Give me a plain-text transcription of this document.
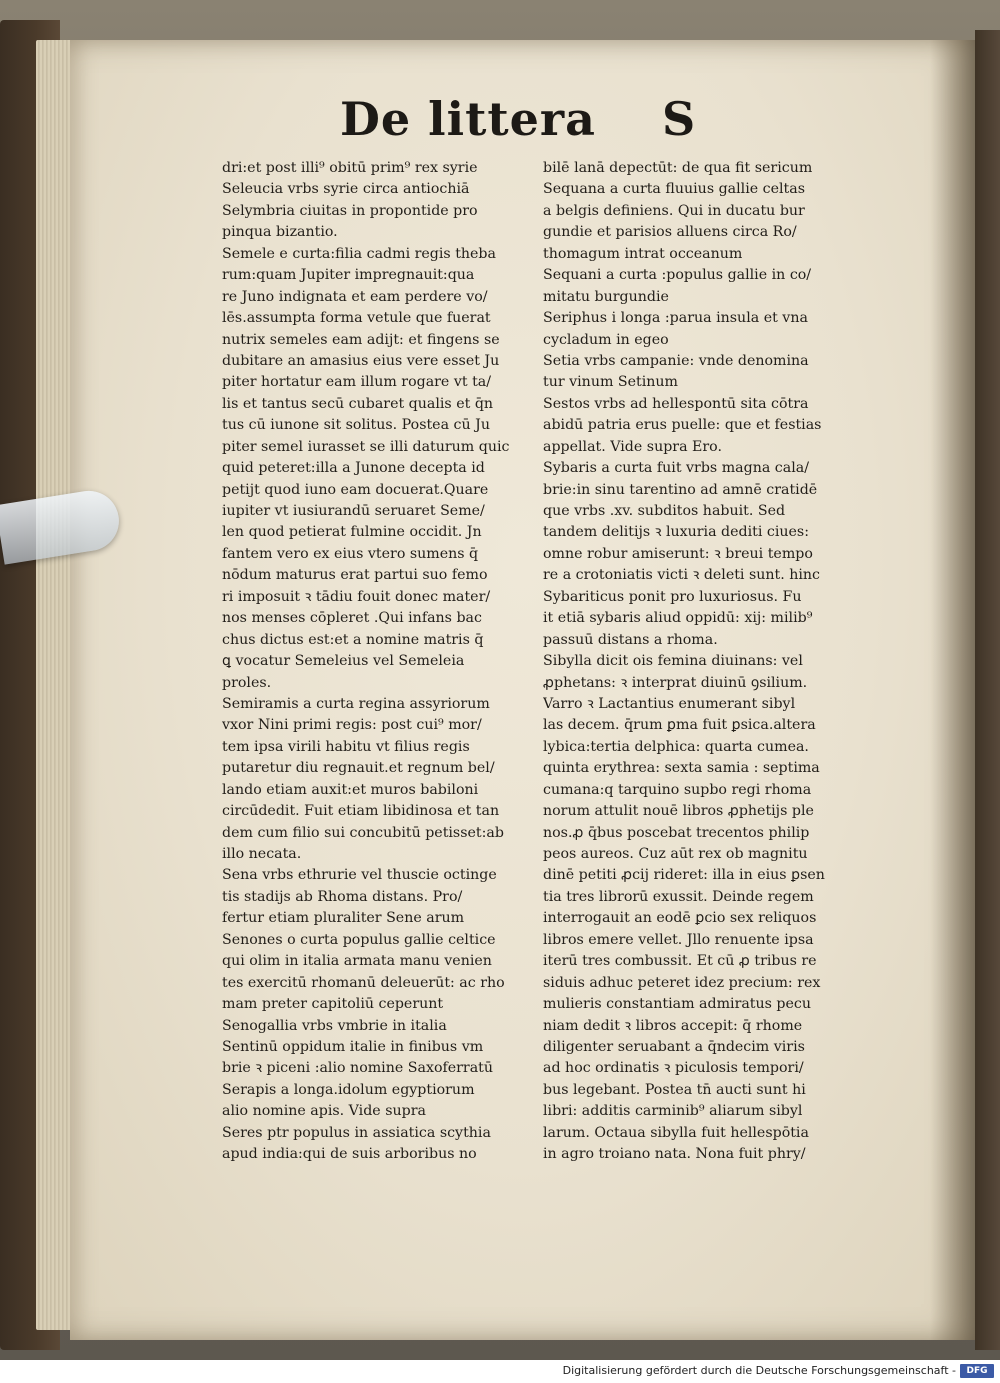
De littera S
dri:et post illi⁹ obitū prim⁹ rex syrie
Seleucia vrbs syrie circa antiochiā
Selymbria ciuitas in propontide pro
pinqua bizantio.
Semele e curta:filia cadmi regis theba
rum:quam Jupiter impregnauit:qua
re Juno indignata et eam perdere vo/
lēs.assumpta forma vetule que fuerat
nutrix semeles eam adijt: et fingens se
dubitare an amasius eius vere esset Ju
piter hortatur eam illum rogare vt ta/
lis et tantus secū cubaret qualis et q̄n
tus cū iunone sit solitus. Postea cū Ju
piter semel iurasset se illi daturum quic
quid peteret:illa a Junone decepta id
petijt quod iuno eam docuerat.Quare
iupiter vt iusiurandū seruaret Seme/
len quod petierat fulmine occidit. Jn
fantem vero ex eius vtero sumens q̄
nōdum maturus erat partui suo femo
ri imposuit ꝛ tādiu fouit donec mater/
nos menses cōpleret .Qui infans bac
chus dictus est:et a nomine matris q̄
ꝗ vocatur Semeleius vel Semeleia
proles.
Semiramis a curta regina assyriorum
vxor Nini primi regis: post cui⁹ mor/
tem ipsa virili habitu vt filius regis
putaretur diu regnauit.et regnum bel/
lando etiam auxit:et muros babiloni
circūdedit. Fuit etiam libidinosa et tan
dem cum filio sui concubitū petisset:ab
illo necata.
Sena vrbs ethrurie vel thuscie octinge
tis stadijs ab Rhoma distans. Pro/
fertur etiam pluraliter Sene arum
Senones o curta populus gallie celtice
qui olim in italia armata manu venien
tes exercitū rhomanū deleuerūt: ac rho
mam preter capitoliū ceperunt
Senogallia vrbs vmbrie in italia
Sentinū oppidum italie in finibus vm
brie ꝛ piceni :alio nomine Saxoferratū
Serapis a longa.idolum egyptiorum
alio nomine apis. Vide supra
Seres ptr populus in assiatica scythia
apud india:qui de suis arboribus no
bilē lanā depectūt: de qua fit sericum
Sequana a curta fluuius gallie celtas
a belgis definiens. Qui in ducatu bur
gundie et parisios alluens circa Ro/
thomagum intrat occeanum
Sequani a curta :populus gallie in co/
mitatu burgundie
Seriphus i longa :parua insula et vna
cycladum in egeo
Setia vrbs campanie: vnde denomina
tur vinum Setinum
Sestos vrbs ad hellespontū sita cōtra
abidū patria erus puelle: que et festias
appellat. Vide supra Ero.
Sybaris a curta fuit vrbs magna cala/
brie:in sinu tarentino ad amnē cratidē
que vrbs .xv. subditos habuit. Sed
tandem delitijs ꝛ luxuria dediti ciues:
omne robur amiserunt: ꝛ breui tempo
re a crotoniatis victi ꝛ deleti sunt. hinc
Sybariticus ponit pro luxuriosus. Fu
it etiā sybaris aliud oppidū: xij: milib⁹
passuū distans a rhoma.
Sibylla dicit ois femina diuinans: vel
ꝓphetans: ꝛ interprat diuinū ꝯsilium.
Varro ꝛ Lactantius enumerant sibyl
las decem. q̄rum ꝑma fuit ꝑsica.altera
lybica:tertia delphica: quarta cumea.
quinta erythrea: sexta samia : septima
cumana:q tarquino supbo regi rhoma
norum attulit nouē libros ꝓphetijs ple
nos.ꝓ q̄bus poscebat trecentos philip
peos aureos. Cuz aūt rex ob magnitu
dinē petiti ꝓcij rideret: illa in eius ꝑsen
tia tres librorū exussit. Deinde regem
interrogauit an eodē ꝑcio sex reliquos
libros emere vellet. Jllo renuente ipsa
iterū tres combussit. Et cū ꝓ tribus re
siduis adhuc peteret idez precium: rex
mulieris constantiam admiratus pecu
niam dedit ꝛ libros accepit: q̄ rhome
diligenter seruabant a q̄ndecim viris
ad hoc ordinatis ꝛ piculosis tempori/
bus legebant. Postea tn̄ aucti sunt hi
libri: additis carminib⁹ aliarum sibyl
larum. Octaua sibylla fuit hellespōtia
in agro troiano nata. Nona fuit phry/
Digitalisierung gefördert durch die Deutsche Forschungsgemeinschaft -	DFG
